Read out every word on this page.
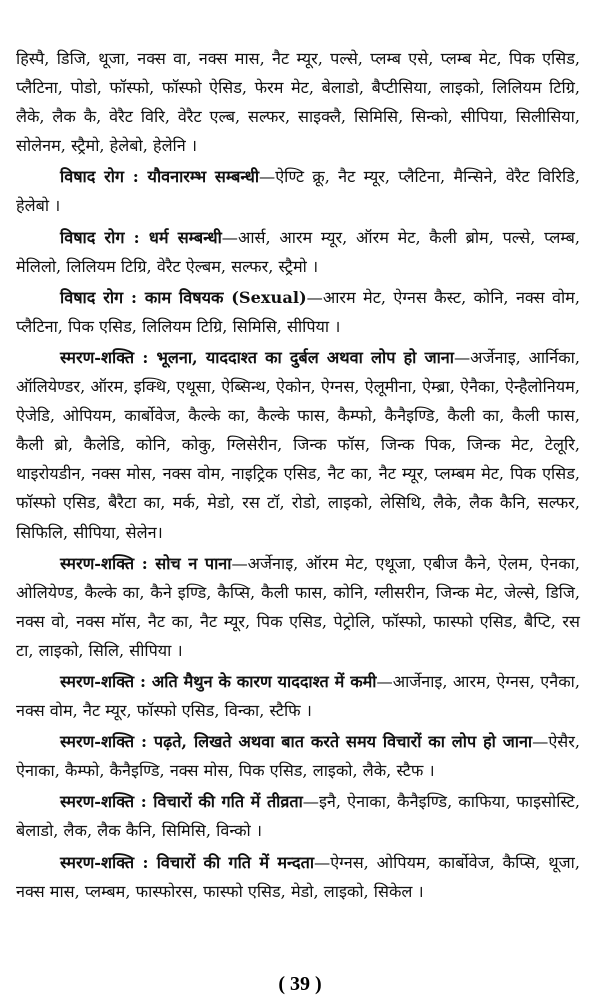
हिस्पै, डिजि, थूजा, नक्स वा, नक्स मास, नैट म्यूर, पल्से, प्लम्ब एसे, प्लम्ब मेट, पिक एसिड, प्लैटिना, पोडो, फॉस्फो, फॉस्फो ऐसिड, फेरम मेट, बेलाडो, बैप्टीसिया, लाइको, लिलियम टिग्रि, लैके, लैक कै, वेरैट विरि, वेरैट एल्ब, सल्फर, साइक्लै, सिमिसि, सिन्को, सीपिया, सिलीसिया, सोलेनम, स्ट्रैमो, हेलेबो, हेलेनि ।

विषाद रोग : यौवनारम्भ सम्बन्धी—ऐण्टि क्रू, नैट म्यूर, प्लैटिना, मैन्सिने, वेरैट विरिडि, हेलेबो ।

विषाद रोग : धर्म सम्बन्धी—आर्स, आरम म्यूर, ऑरम मेट, कैली ब्रोम, पल्से, प्लम्ब, मेलिलो, लिलियम टिग्रि, वेरैट ऐल्बम, सल्फर, स्ट्रैमो ।

विषाद रोग : काम विषयक (Sexual)—आरम मेट, ऐग्नस कैस्ट, कोनि, नक्स वोम, प्लैटिना, पिक एसिड, लिलियम टिग्रि, सिमिसि, सीपिया ।

स्मरण-शक्ति : भूलना, याददाश्त का दुर्बल अथवा लोप हो जाना—अर्जेनाइ, आर्निका, ऑलियेण्डर, ऑरम, इक्थि, एथूसा, ऐब्सिन्थ, ऐकोन, ऐग्नस, ऐलूमीना, ऐम्ब्रा, ऐनैका, ऐन्हैलोनियम, ऐजेडि, ओपियम, कार्बोवेज, कैल्के का, कैल्के फास, कैम्फो, कैनैइण्डि, कैली का, कैली फास, कैली ब्रो, कैलेडि, कोनि, कोकु, ग्लिसेरीन, जिन्क फॉस, जिन्क पिक, जिन्क मेट, टेलूरि, थाइरोयडीन, नक्स मोस, नक्स वोम, नाइट्रिक एसिड, नैट का, नैट म्यूर, प्लम्बम मेट, पिक एसिड, फॉस्फो एसिड, बैरैटा का, मर्क, मेडो, रस टॉ, रोडो, लाइको, लेसिथि, लैके, लैक कैनि, सल्फर, सिफिलि, सीपिया, सेलेन।

स्मरण-शक्ति : सोच न पाना—अर्जेनाइ, ऑरम मेट, एथूजा, एबीज कैने, ऐलम, ऐनका, ओलियेण्ड, कैल्के का, कैने इण्डि, कैप्सि, कैली फास, कोनि, ग्लीसरीन, जिन्क मेट, जेल्से, डिजि, नक्स वो, नक्स मॉस, नैट का, नैट म्यूर, पिक एसिड, पेट्रोलि, फॉस्फो, फास्फो एसिड, बैप्टि, रस टा, लाइको, सिलि, सीपिया ।

स्मरण-शक्ति : अति मैथुन के कारण याददाश्त में कमी—आर्जेनाइ, आरम, ऐग्नस, एनैका, नक्स वोम, नैट म्यूर, फॉस्फो एसिड, विन्का, स्टैफि ।

स्मरण-शक्ति : पढ़ते, लिखते अथवा बात करते समय विचारों का लोप हो जाना—ऐसैर, ऐनाका, कैम्फो, कैनैइण्डि, नक्स मोस, पिक एसिड, लाइको, लैके, स्टैफ ।

स्मरण-शक्ति : विचारों की गति में तीव्रता—इनै, ऐनाका, कैनैइण्डि, काफिया, फाइसोस्टि, बेलाडो, लैक, लैक कैनि, सिमिसि, विन्को ।

स्मरण-शक्ति : विचारों की गति में मन्दता—ऐग्नस, ओपियम, कार्बोवेज, कैप्सि, थूजा, नक्स मास, प्लम्बम, फास्फोरस, फास्फो एसिड, मेडो, लाइको, सिकेल ।

( 39 )
